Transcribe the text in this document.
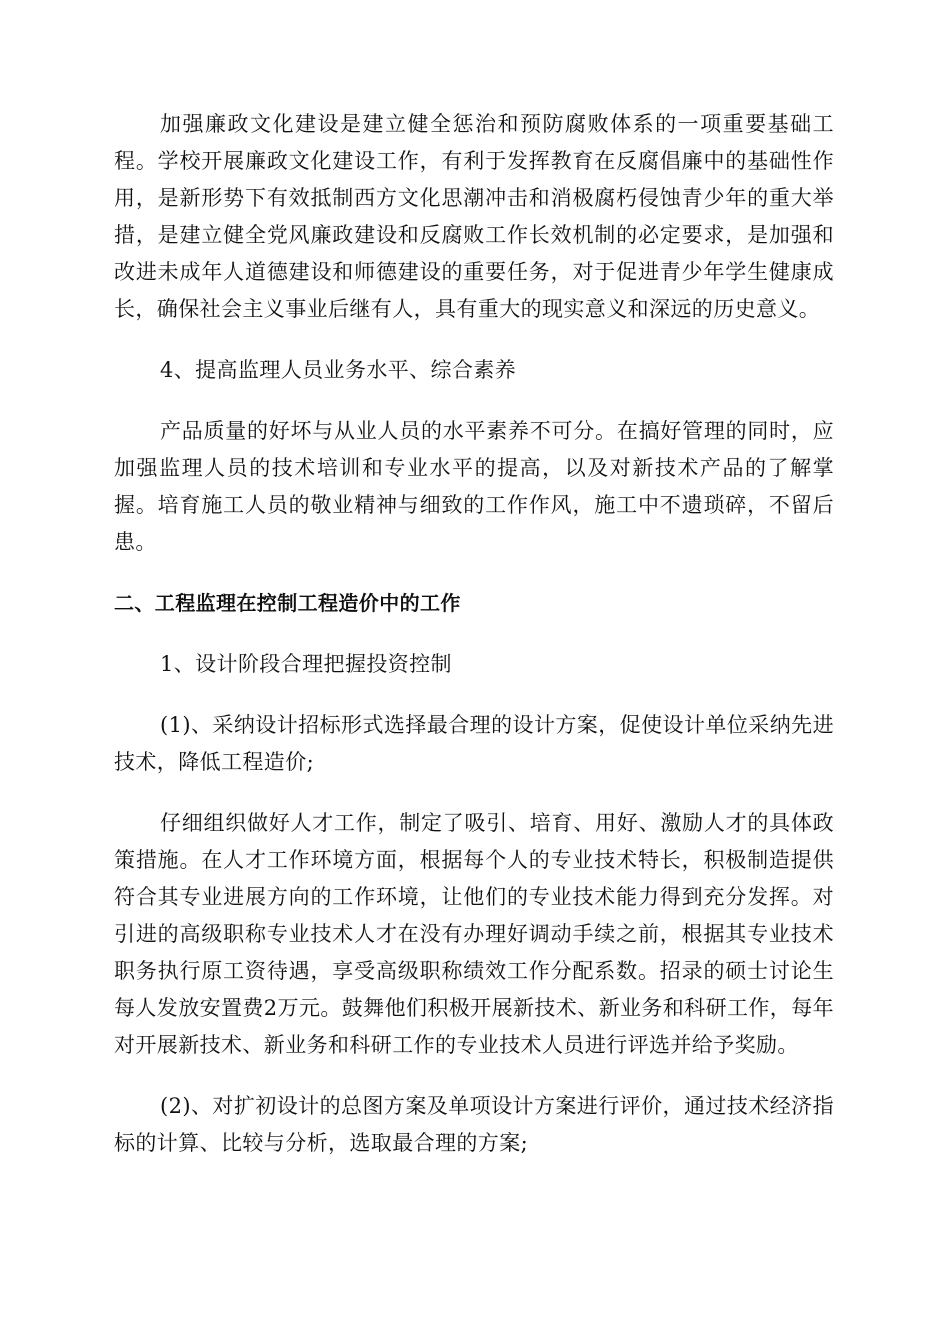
加强廉政文化建设是建立健全惩治和预防腐败体系的一项重要基础工程。学校开展廉政文化建设工作，有利于发挥教育在反腐倡廉中的基础性作用，是新形势下有效抵制西方文化思潮冲击和消极腐朽侵蚀青少年的重大举措，是建立健全党风廉政建设和反腐败工作长效机制的必定要求，是加强和改进未成年人道德建设和师德建设的重要任务，对于促进青少年学生健康成长，确保社会主义事业后继有人，具有重大的现实意义和深远的历史意义。

4、提高监理人员业务水平、综合素养

产品质量的好坏与从业人员的水平素养不可分。在搞好管理的同时，应加强监理人员的技术培训和专业水平的提高，以及对新技术产品的了解掌握。培育施工人员的敬业精神与细致的工作作风，施工中不遗琐碎，不留后患。

二、工程监理在控制工程造价中的工作

1、设计阶段合理把握投资控制

(1)、采纳设计招标形式选择最合理的设计方案，促使设计单位采纳先进技术，降低工程造价;

仔细组织做好人才工作，制定了吸引、培育、用好、激励人才的具体政策措施。在人才工作环境方面，根据每个人的专业技术特长，积极制造提供符合其专业进展方向的工作环境，让他们的专业技术能力得到充分发挥。对引进的高级职称专业技术人才在没有办理好调动手续之前，根据其专业技术职务执行原工资待遇，享受高级职称绩效工作分配系数。招录的硕士讨论生每人发放安置费2万元。鼓舞他们积极开展新技术、新业务和科研工作，每年对开展新技术、新业务和科研工作的专业技术人员进行评选并给予奖励。

(2)、对扩初设计的总图方案及单项设计方案进行评价，通过技术经济指标的计算、比较与分析，选取最合理的方案;
